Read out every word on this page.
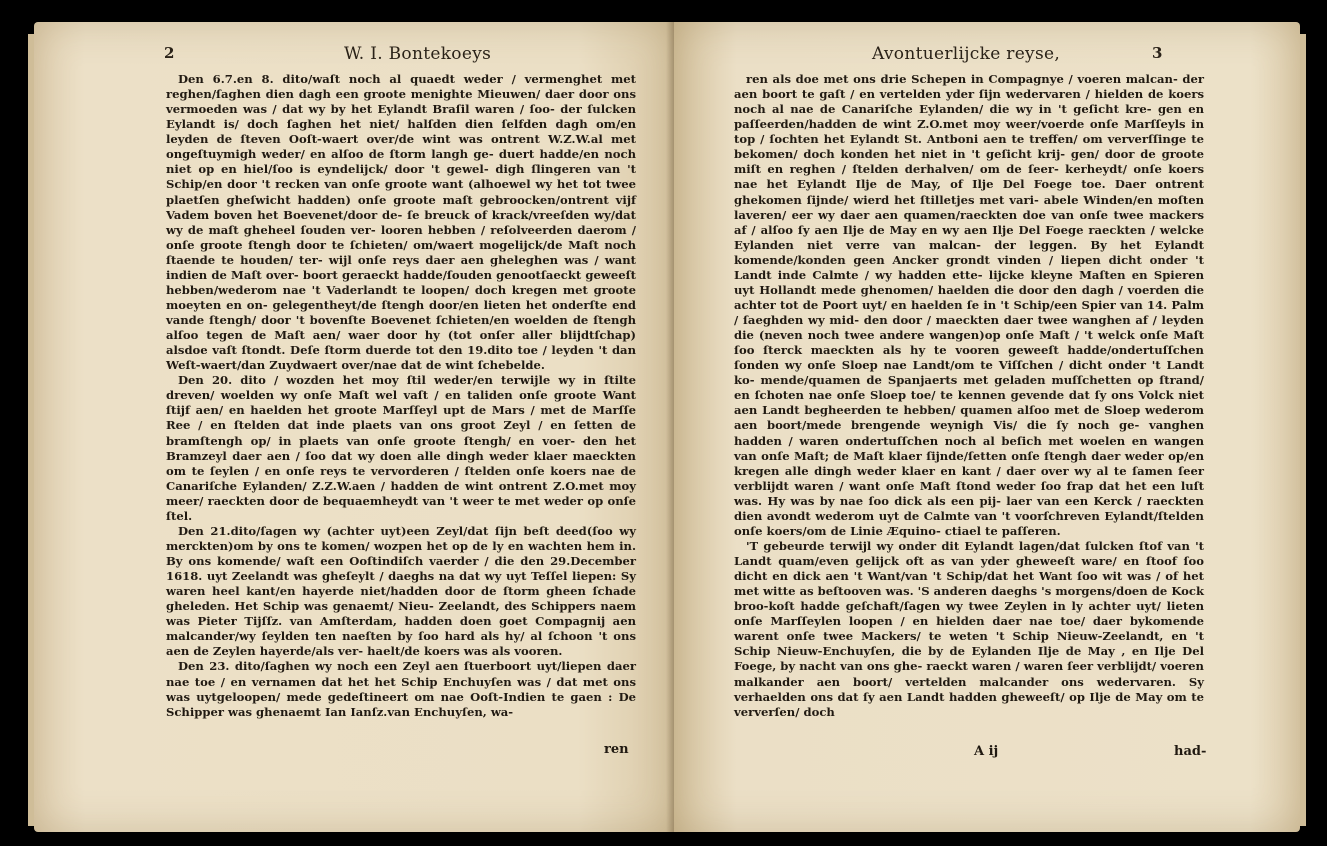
2	W. I. Bontekoeys

Den 6.7.en 8. dito/waſt noch al quaedt weder / vermenghet met reghen/ſaghen dien dagh een groote menighte Mieuwen/ daer door ons vermoeden was / dat wy by het Eylandt Braſil waren / ſoo- der ſulcken Eylandt is/ doch ſaghen het niet/ halſden dien ſelfden dagh om/en leyden de ſteven Ooſt-waert over/de wint was ontrent W.Z.W.al met ongeſtuymigh weder/ en alſoo de ſtorm langh ge- duert hadde/en noch niet op en hiel/ſoo is eyndelijck/ door 't gewel- digh ſlingeren van 't Schip/en door 't recken van onſe groote want (alhoewel wy het tot twee plaetſen gheſwicht hadden) onſe groote maſt gebroocken/ontrent vijf Vadem boven het Boevenet/door de- ſe breuck of krack/vreeſden wy/dat wy de maſt gheheel ſouden ver- looren hebben / reſolveerden daerom / onſe groote ſtengh door te ſchieten/ om/waert mogelijck/de Maſt noch ſtaende te houden/ ter- wijl onſe reys daer aen gheleghen was / want indien de Maſt over- boort geraeckt hadde/ſouden genootſaeckt geweeſt hebben/wederom nae 't Vaderlandt te loopen/ doch kregen met groote moeyten en on- gelegentheyt/de ſtengh door/en lieten het onderſte end vande ſtengh/ door 't bovenſte Boevenet ſchieten/en woelden de ſtengh alſoo tegen de Maſt aen/ waer door hy (tot onſer aller blijdtſchap) alsdoe vaſt ſtondt. Deſe ſtorm duerde tot den 19.dito toe / leyden 't dan Weſt-waert/dan Zuydwaert over/nae dat de wint ſchebelde.

Den 20. dito / wozden het moy ſtil weder/en terwijle wy in ſtilte dreven/ woelden wy onſe Maſt wel vaſt / en taliden onſe groote Want ſtijf aen/ en haelden het groote Marſſeyl upt de Mars / met de Marſſe Ree / en ſtelden dat inde plaets van ons groot Zeyl / en ſetten de bramſtengh op/ in plaets van onſe groote ſtengh/ en voer- den het Bramzeyl daer aen / ſoo dat wy doen alle dingh weder klaer maeckten om te ſeylen / en onſe reys te vervorderen / ſtelden onſe koers nae de Canariſche Eylanden/ Z.Z.W.aen / hadden de wint ontrent Z.O.met moy meer/ raeckten door de bequaemheydt van 't weer te met weder op onſe ſtel.

Den 21.dito/ſagen wy (achter uyt)een Zeyl/dat ſijn beſt deed(ſoo wy merckten)om by ons te komen/ wozpen het op de ly en wachten hem in. By ons komende/ waſt een Ooſtindiſch vaerder / die den 29.December 1618. uyt Zeelandt was gheſeylt / daeghs na dat wy uyt Teſſel liepen: Sy waren heel kant/en hayerde niet/hadden door de ſtorm gheen ſchade gheleden. Het Schip was genaemt/ Nieu- Zeelandt, des Schippers naem was Pieter Tijſſz. van Amſterdam, hadden doen goet Compagnij aen malcander/wy ſeylden ten naeſten by ſoo hard als hy/ al ſchoon 't ons aen de Zeylen hayerde/als ver- haelt/de koers was als vooren.

Den 23. dito/ſaghen wy noch een Zeyl aen ſtuerboort uyt/liepen daer nae toe / en vernamen dat het het Schip Enchuyſen was / dat met ons was uytgeloopen/ mede gedeſtineert om nae Ooſt-Indien te gaen : De Schipper was ghenaemt Ian Ianſz.van Enchuyſen, wa-

ren
Avontuerlijcke reyse,	3

ren als doe met ons drie Schepen in Compagnye / voeren malcan- der aen boort te gaſt / en vertelden yder ſijn wedervaren / hielden de koers noch al nae de Canariſche Eylanden/ die wy in 't geſicht kre- gen en paſſeerden/hadden de wint Z.O.met moy weer/voerde onſe Marſſeyls in top / ſochten het Eylandt St. Antboni aen te treffen/ om ververſſinge te bekomen/ doch konden het niet in 't geſicht krij- gen/ door de groote miſt en reghen / ſtelden derhalven/ om de ſeer- kerheydt/ onſe koers nae het Eylandt Ilje de May, of Ilje Del Foege toe. Daer ontrent ghekomen ſijnde/ wierd het ſtilletjes met vari- abele Winden/en moſten laveren/ eer wy daer aen quamen/raeckten doe van onſe twee mackers af / alſoo ſy aen Ilje de May en wy aen Ilje Del Foege raeckten / welcke Eylanden niet verre van malcan- der leggen. By het Eylandt komende/konden geen Ancker grondt vinden / liepen dicht onder 't Landt inde Calmte / wy hadden ette- lijcke kleyne Maſten en Spieren uyt Hollandt mede ghenomen/ haelden die door den dagh / voerden die achter tot de Poort uyt/ en haelden ſe in 't Schip/een Spier van 14. Palm / ſaeghden wy mid- den door / maeckten daer twee wanghen af / leyden die (neven noch twee andere wangen)op onſe Maſt / 't welck onſe Maſt ſoo ſterck maeckten als hy te vooren geweeſt hadde/ondertuſſchen ſonden wy onſe Sloep nae Landt/om te Viſſchen / dicht onder 't Landt ko- mende/quamen de Spanjaerts met geladen muſſchetten op ſtrand/ en ſchoten nae onſe Sloep toe/ te kennen gevende dat ſy ons Volck niet aen Landt begheerden te hebben/ quamen alſoo met de Sloep wederom aen boort/mede brengende weynigh Vis/ die ſy noch ge- vanghen hadden / waren ondertuſſchen noch al beſich met woelen en wangen van onſe Maſt; de Maſt klaer ſijnde/ſetten onſe ſtengh daer weder op/en kregen alle dingh weder klaer en kant / daer over wy al te ſamen ſeer verblijdt waren / want onſe Maſt ſtond weder ſoo frap dat het een luſt was. Hy was by nae ſoo dick als een pij- laer van een Kerck / raeckten dien avondt wederom uyt de Calmte van 't voorſchreven Eylandt/ſtelden onſe koers/om de Linie Æquino- ctiael te paſſeren.

'T gebeurde terwijl wy onder dit Eylandt lagen/dat ſulcken ſtof van 't Landt quam/even gelijck oft as van yder gheweeſt ware/ en ſtoof ſoo dicht en dick aen 't Want/van 't Schip/dat het Want ſoo wit was / of het met witte as beſtooven was. 'S anderen daeghs 's morgens/doen de Kock broo-koſt hadde geſchaft/ſagen wy twee Zeylen in ly achter uyt/ lieten onſe Marſſeylen loopen / en hielden daer nae toe/ daer bykomende warent onſe twee Mackers/ te weten 't Schip Nieuw-Zeelandt, en 't Schip Nieuw-Enchuyſen, die by de Eylanden Ilje de May , en Ilje Del Foege, by nacht van ons ghe- raeckt waren / waren ſeer verblijdt/ voeren malkander aen boort/ vertelden malcander ons wedervaren. Sy verhaelden ons dat ſy aen Landt hadden gheweeſt/ op Ilje de May om te ververſen/ doch

A ij	had-
